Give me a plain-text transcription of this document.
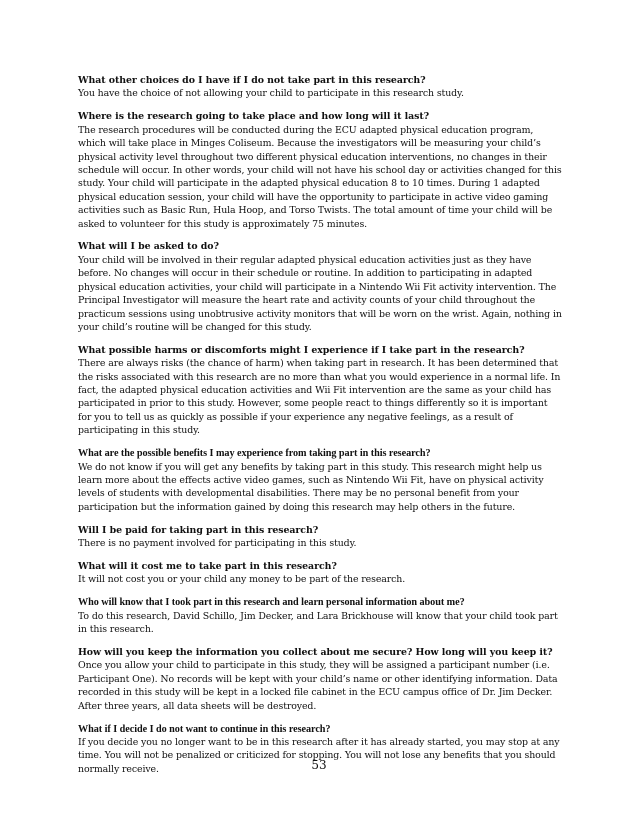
What other choices do I have if I do not take part in this research?
You have the choice of not allowing your child to participate in this research study.
Where is the research going to take place and how long will it last?
The research procedures will be conducted during the ECU adapted physical education program, which will take place in Minges Coliseum. Because the investigators will be measuring your child’s physical activity level throughout two different physical education interventions, no changes in their schedule will occur. In other words, your child will not have his school day or activities changed for this study. Your child will participate in the adapted physical education 8 to 10 times. During 1 adapted physical education session, your child will have the opportunity to participate in active video gaming activities such as Basic Run, Hula Hoop, and Torso Twists. The total amount of time your child will be asked to volunteer for this study is approximately 75 minutes.
What will I be asked to do?
Your child will be involved in their regular adapted physical education activities just as they have before. No changes will occur in their schedule or routine. In addition to participating in adapted physical education activities, your child will participate in a Nintendo Wii Fit activity intervention. The Principal Investigator will measure the heart rate and activity counts of your child throughout the practicum sessions using unobtrusive activity monitors that will be worn on the wrist. Again, nothing in your child’s routine will be changed for this study.
What possible harms or discomforts might I experience if I take part in the research?
There are always risks (the chance of harm) when taking part in research. It has been determined that the risks associated with this research are no more than what you would experience in a normal life. In fact, the adapted physical education activities and Wii Fit intervention are the same as your child has participated in prior to this study. However, some people react to things differently so it is important for you to tell us as quickly as possible if your experience any negative feelings, as a result of participating in this study.
What are the possible benefits I may experience from taking part in this research?
We do not know if you will get any benefits by taking part in this study. This research might help us learn more about the effects active video games, such as Nintendo Wii Fit, have on physical activity levels of students with developmental disabilities. There may be no personal benefit from your participation but the information gained by doing this research may help others in the future.
Will I be paid for taking part in this research?
There is no payment involved for participating in this study.
What will it cost me to take part in this research?
It will not cost you or your child any money to be part of the research.
Who will know that I took part in this research and learn personal information about me?
To do this research, David Schillo, Jim Decker, and Lara Brickhouse will know that your child took part in this research.
How will you keep the information you collect about me secure? How long will you keep it?
Once you allow your child to participate in this study, they will be assigned a participant number (i.e. Participant One). No records will be kept with your child’s name or other identifying information. Data recorded in this study will be kept in a locked file cabinet in the ECU campus office of Dr. Jim Decker. After three years, all data sheets will be destroyed.
What if I decide I do not want to continue in this research?
If you decide you no longer want to be in this research after it has already started, you may stop at any time. You will not be penalized or criticized for stopping. You will not lose any benefits that you should normally receive.	53
